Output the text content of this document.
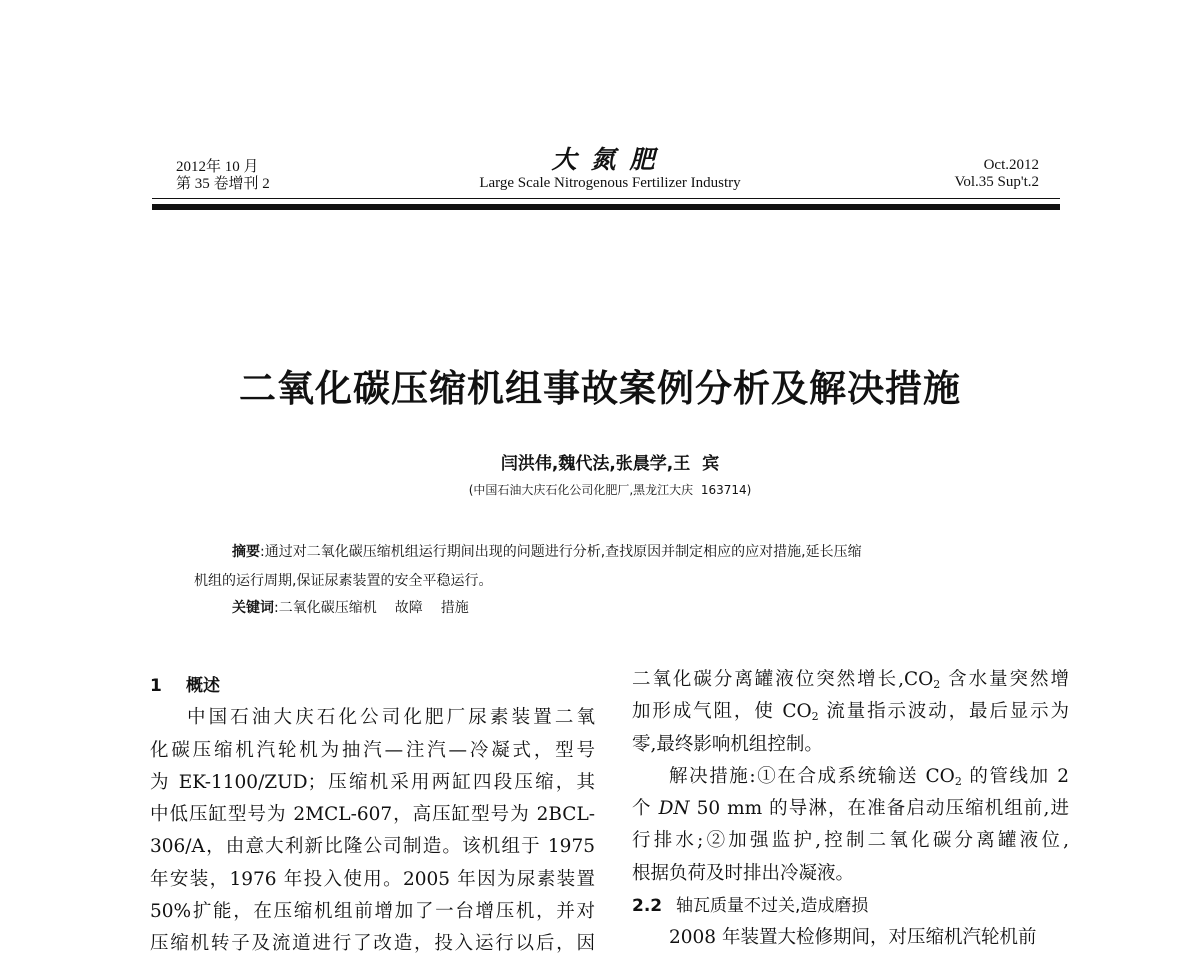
2012年 10 月
第 35 卷增刊 2
大氮肥
Large Scale Nitrogenous Fertilizer Industry
Oct.2012
Vol.35 Sup't.2
二氧化碳压缩机组事故案例分析及解决措施
闫洪伟,魏代法,张晨学,王  宾
(中国石油大庆石化公司化肥厂,黑龙江大庆  163714)

摘要:通过对二氧化碳压缩机组运行期间出现的问题进行分析,查找原因并制定相应的应对措施,延长压缩

机组的运行周期,保证尿素装置的安全平稳运行。

关键词:二氧化碳压缩机 故障 措施
1 概述

中国石油大庆石化公司化肥厂尿素装置二氧

化碳压缩机汽轮机为抽汽—注汽—冷凝式，型号

为 EK-1100/ZUD；压缩机采用两缸四段压缩，其

中低压缸型号为 2MCL-607，高压缸型号为 2BCL-

306/A，由意大利新比隆公司制造。该机组于 1975

年安装，1976 年投入使用。2005 年因为尿素装置

50%扩能，在压缩机组前增加了一台增压机，并对

压缩机转子及流道进行了改造，投入运行以后，因

二氧化碳分离罐液位突然增长$,CO_2$ 含水量突然增

加形成气阻，使 $CO_2$ 流量指示波动，最后显示为

零,最终影响机组控制。

解决措施:①在合成系统输送 $CO_2$ 的管线加 2

个 DN 50 mm 的导淋，在准备启动压缩机组前,进

行排水;②加强监护,控制二氧化碳分离罐液位,

根据负荷及时排出冷凝液。

2.2 轴瓦质量不过关,造成磨损

2008 年装置大检修期间，对压缩机汽轮机前
